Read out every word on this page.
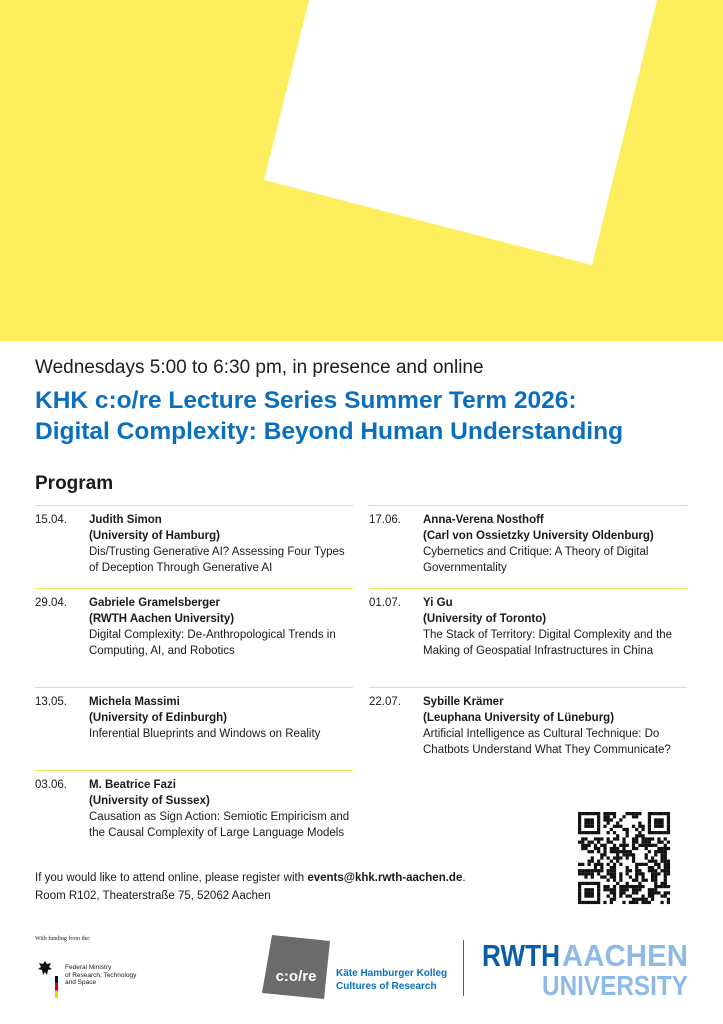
Wednesdays 5:00 to 6:30 pm, in presence and online
KHK c:o/re Lecture Series Summer Term 2026:
Digital Complexity: Beyond Human Understanding
Program
15.04.	Judith Simon
(University of Hamburg)
Dis/Trusting Generative AI? Assessing Four Types of Deception Through Generative AI
29.04.	Gabriele Gramelsberger
(RWTH Aachen University)
Digital Complexity: De-Anthropological Trends in Computing, AI, and Robotics
13.05.	Michela Massimi
(University of Edinburgh)
Inferential Blueprints and Windows on Reality
03.06.	M. Beatrice Fazi
(University of Sussex)
Causation as Sign Action: Semiotic Empiricism and the Causal Complexity of Large Language Models
17.06.	Anna-Verena Nosthoff
(Carl von Ossietzky University Oldenburg)
Cybernetics and Critique: A Theory of Digital Governmentality
01.07.	Yi Gu
(University of Toronto)
The Stack of Territory: Digital Complexity and the Making of Geospatial Infrastructures in China
22.07.	Sybille Krämer
(Leuphana University of Lüneburg)
Artificial Intelligence as Cultural Technique: Do Chatbots Understand What They Communicate?
If you would like to attend online, please register with events@khk.rwth-aachen.de.
Room R102, Theaterstraße 75, 52062 Aachen
With funding from the:
Federal Ministry
of Research, Technology
and Space	c:o/re Käte Hamburger Kolleg
Cultures of Research
RWTH AACHEN
UNIVERSITY
